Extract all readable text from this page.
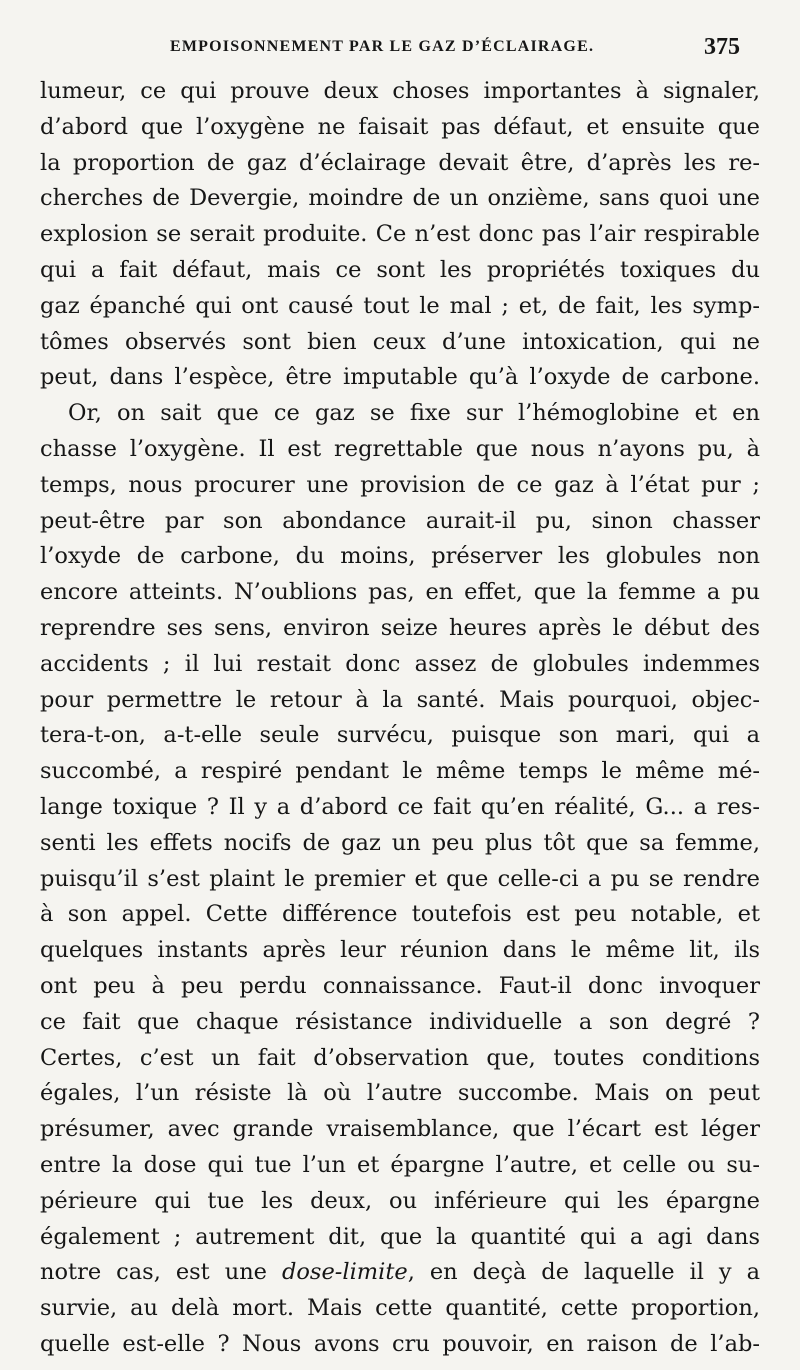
EMPOISONNEMENT PAR LE GAZ D’ÉCLAIRAGE.	375
lumeur, ce qui prouve deux choses importantes à signaler,
d’abord que l’oxygène ne faisait pas défaut, et ensuite que
la proportion de gaz d’éclairage devait être, d’après les re-
cherches de Devergie, moindre de un onzième, sans quoi une
explosion se serait produite. Ce n’est donc pas l’air respirable
qui a fait défaut, mais ce sont les propriétés toxiques du
gaz épanché qui ont causé tout le mal ; et, de fait, les symp-
tômes observés sont bien ceux d’une intoxication, qui ne
peut, dans l’espèce, être imputable qu’à l’oxyde de carbone.
Or, on sait que ce gaz se fixe sur l’hémoglobine et en
chasse l’oxygène. Il est regrettable que nous n’ayons pu, à
temps, nous procurer une provision de ce gaz à l’état pur ;
peut-être par son abondance aurait-il pu, sinon chasser
l’oxyde de carbone, du moins, préserver les globules non
encore atteints. N’oublions pas, en effet, que la femme a pu
reprendre ses sens, environ seize heures après le début des
accidents ; il lui restait donc assez de globules indemmes
pour permettre le retour à la santé. Mais pourquoi, objec-
tera-t-on, a-t-elle seule survécu, puisque son mari, qui a
succombé, a respiré pendant le même temps le même mé-
lange toxique ? Il y a d’abord ce fait qu’en réalité, G... a res-
senti les effets nocifs de gaz un peu plus tôt que sa femme,
puisqu’il s’est plaint le premier et que celle-ci a pu se rendre
à son appel. Cette différence toutefois est peu notable, et
quelques instants après leur réunion dans le même lit, ils
ont peu à peu perdu connaissance. Faut-il donc invoquer
ce fait que chaque résistance individuelle a son degré ?
Certes, c’est un fait d’observation que, toutes conditions
égales, l’un résiste là où l’autre succombe. Mais on peut
présumer, avec grande vraisemblance, que l’écart est léger
entre la dose qui tue l’un et épargne l’autre, et celle ou su-
périeure qui tue les deux, ou inférieure qui les épargne
également ; autrement dit, que la quantité qui a agi dans
notre cas, est une dose-limite, en deçà de laquelle il y a
survie, au delà mort. Mais cette quantité, cette proportion,
quelle est-elle ? Nous avons cru pouvoir, en raison de l’ab-
